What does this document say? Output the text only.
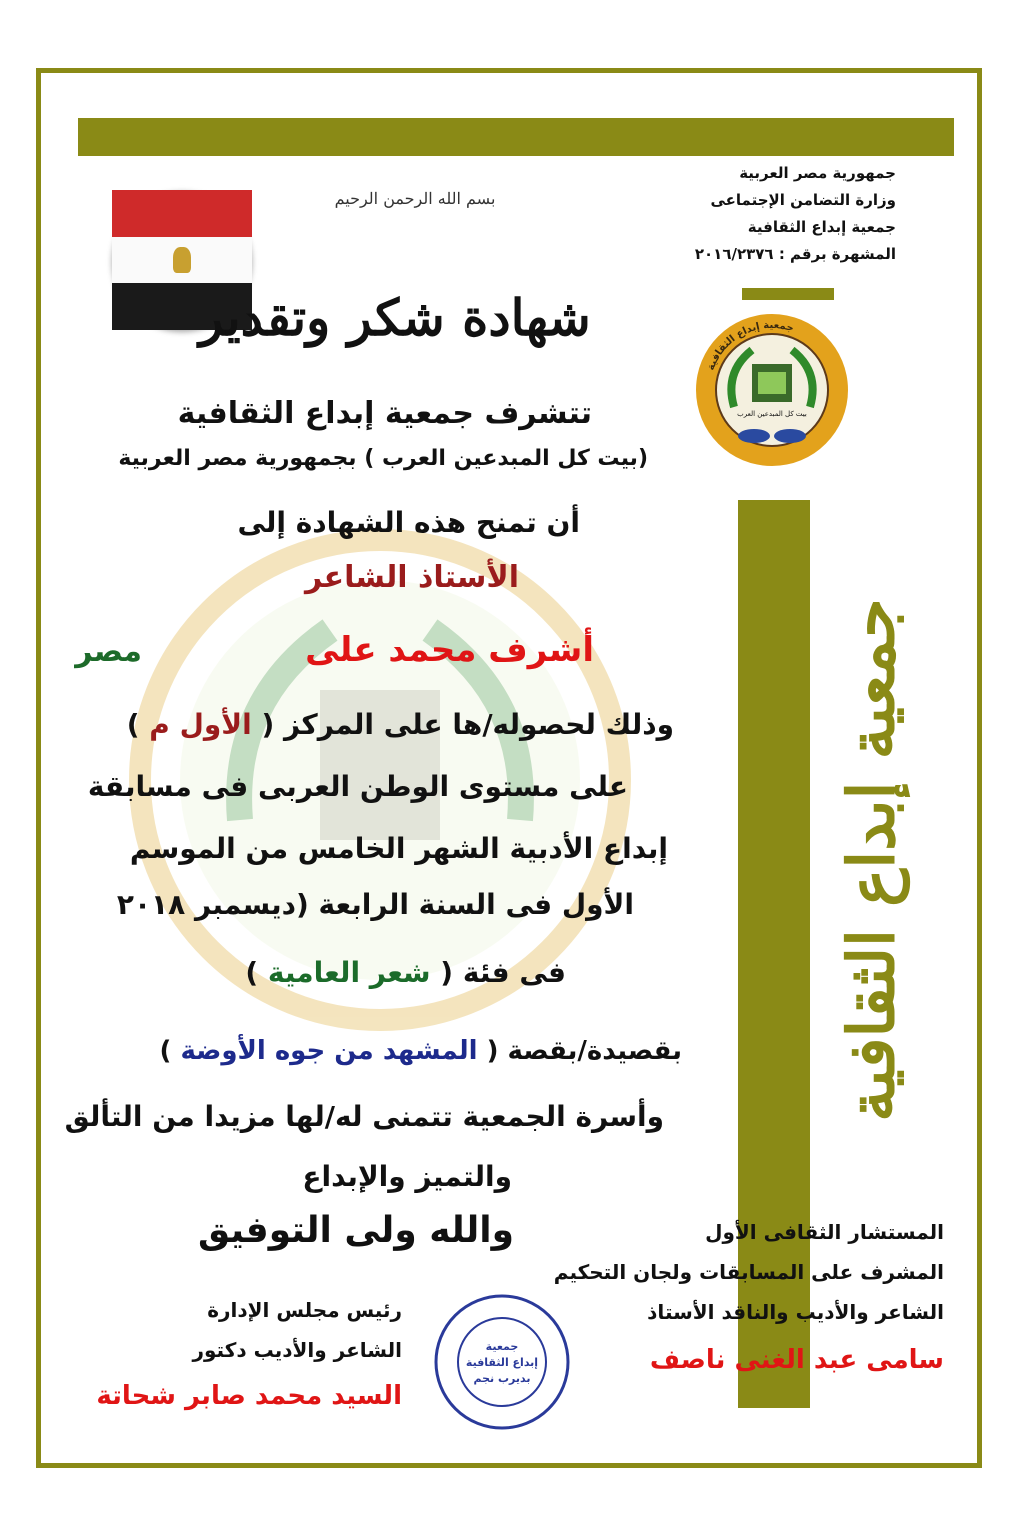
جمهورية مصر العربية
وزارة التضامن الإجتماعى
جمعية إبداع الثقافية
المشهرة برقم : ٢٠١٦/٢٣٧٦
بسم الله الرحمن الرحيم
جمعية إبداع الثقافية
بيت كل المبدعين العرب
شهادة شكر وتقدير
تتشرف جمعية إبداع الثقافية
(بيت كل المبدعين العرب ) بجمهورية مصر العربية
أن تمنح هذه الشهادة إلى
الأستاذ الشاعر
أشرف محمد على
مصر
وذلك لحصوله/ها على المركز ( الأول م )
على مستوى الوطن العربى فى مسابقة
إبداع الأدبية الشهر الخامس من الموسم
الأول فى السنة الرابعة (ديسمبر ٢٠١٨
فى فئة ( شعر العامية )
بقصيدة/بقصة ( المشهد من جوه الأوضة )
وأسرة الجمعية تتمنى له/لها مزيدا من التألق
والتميز والإبداع
والله ولى التوفيق
جمعية إبداع الثقافية
المستشار الثقافى الأول
المشرف على المسابقات ولجان التحكيم
الشاعر والأديب والناقد الأستاذ
سامى عبد الغنى ناصف
رئيس مجلس الإدارة
الشاعر والأديب دكتور
السيد محمد صابر شحاتة
جمعية
إبداع الثقافية
بديرب نجم
